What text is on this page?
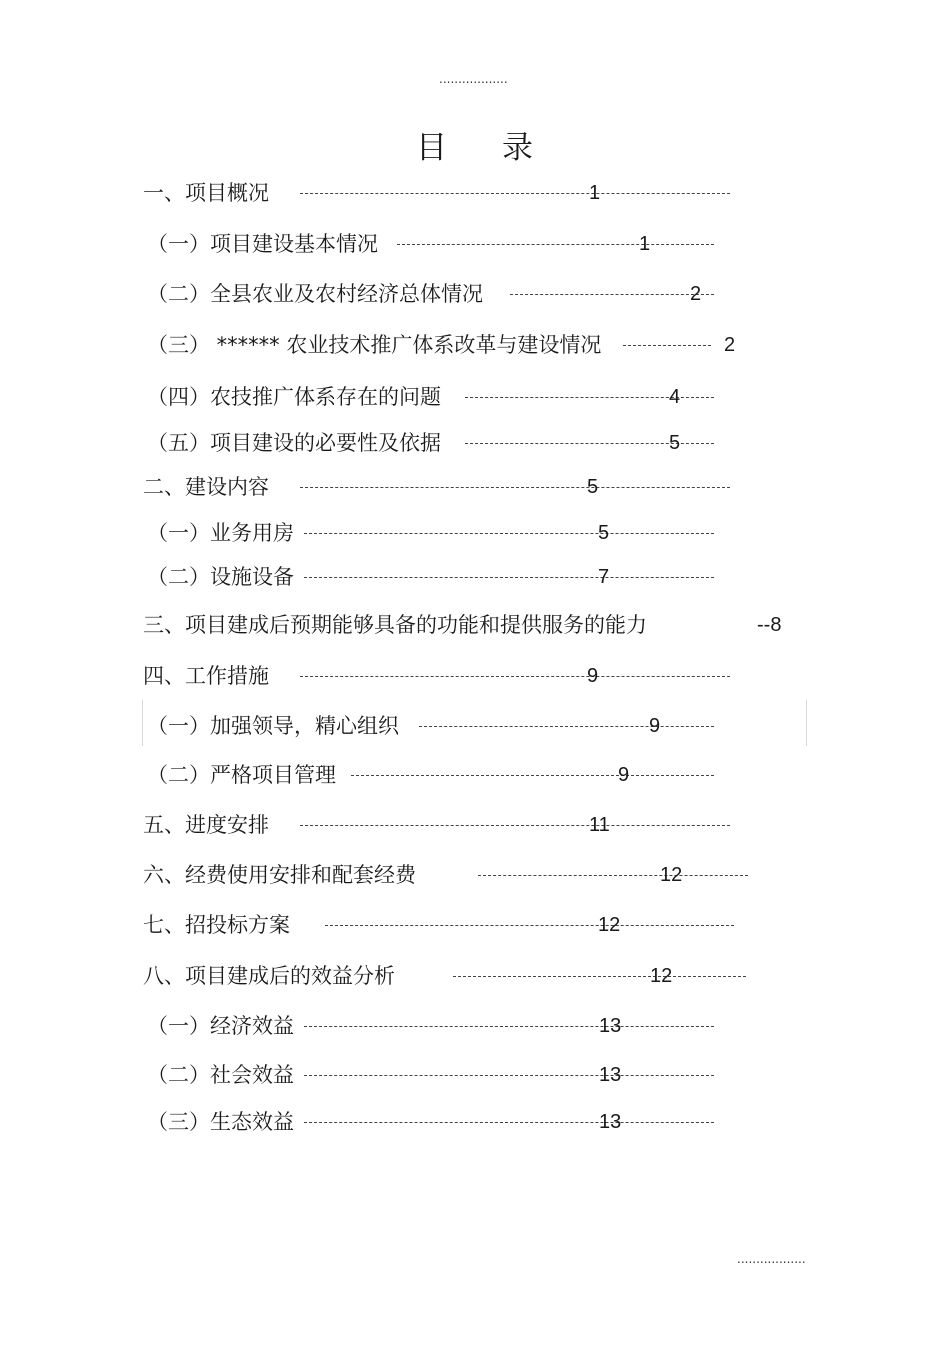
..................
目 录
一、项目概况	1
（一）项目建设基本情况	1
（二）全县农业及农村经济总体情况	2
（三） ****** 农业技术推广体系改革与建设情况	2
（四）农技推广体系存在的问题	4
（五）项目建设的必要性及依据	5
二、建设内容	5
（一）业务用房	5
（二）设施设备	7
三、项目建成后预期能够具备的功能和提供服务的能力	--8
四、工作措施	9
（一）加强领导，精心组织	9
（二）严格项目管理	9
五、进度安排	11
六、经费使用安排和配套经费	12
七、招投标方案	12
八、项目建成后的效益分析	12
（一）经济效益	13
（二）社会效益	13
（三）生态效益	13
..................
